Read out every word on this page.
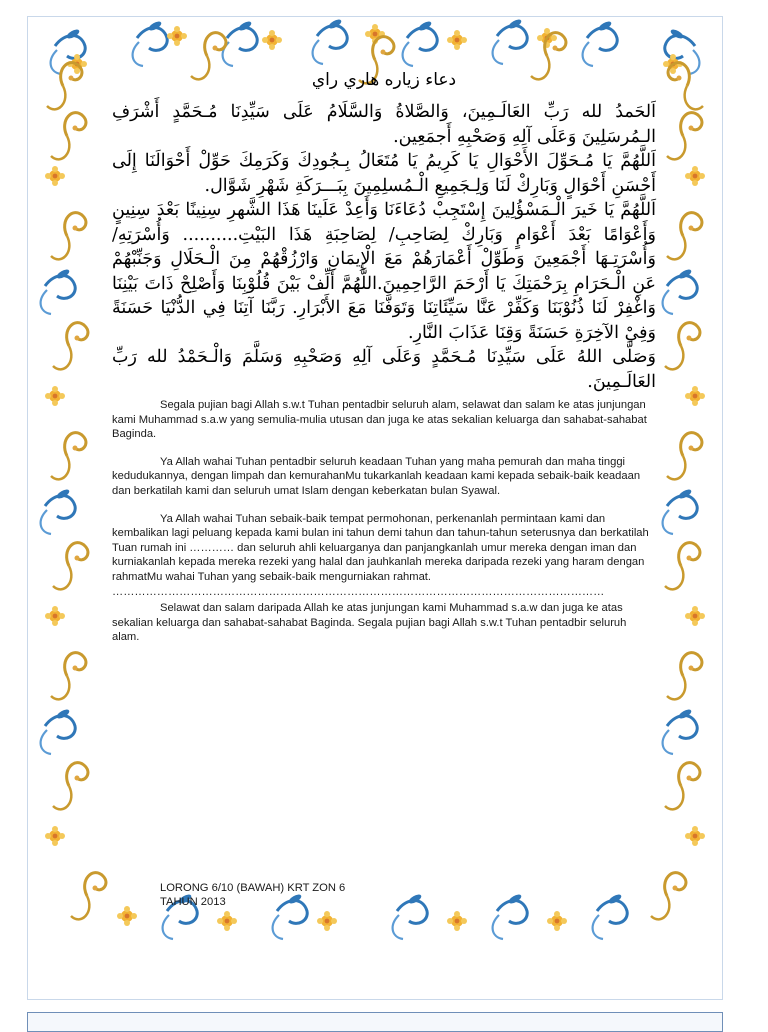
دعاء زياره هاري راي
اَلحَمدُ لله رَبِّ العَالَـمِينَ، وَالصَّلاةُ وَالسَّلَامُ عَلَى سَيِّدِنَا مُـحَمَّدٍ أَشْرَفِ الـمُرسَلِينَ وَعَلَى آلِهِ وَصَحْبِهِ أَجمَعِين.
اَللَّهُمَّ يَا مُـحَوِّلَ الأَحْوَالِ يَا كَرِيمُ يَا مُتَعَالُ بِـجُودِكَ وَكَرَمِكَ حَوِّلْ أَحْوَالَنَا إِلَى أَحْسَنِ أَحْوَالٍ وَبَارِكْ لَنَا وَلِـجَمِيعِ الْـمُسلِمِينَ بِبَـــرَكَةِ شَهْرِ شَوَّال.
اَللَّهُمَّ يَا خَيرَ الْـمَسْؤُلِينَ إِسْتَجِبْ دُعَاءَنَا وَأَعِدْ عَلَينَا هَذَا الشَّهرِ سِنِينًا بَعْدَ سِنِينٍ وَأَعْوَامًا بَعْدَ أَعْوَامٍ وَبَارِكْ لِصَاحِبِ/ لِصَاحِبَةِ هَذَا البَيْتِ.......... وَأُسْرَتِهِ/وَأُسْرَتِـهَا أَجْمَعِينَ وَطَوِّلْ أَعْمَارَهُمْ مَعَ الْإِيمَانِ وَارْزُقْهُمْ مِنَ الْـحَلَالِ وَجَنِّبْهُمْ عَنِ الْـحَرَامِ بِرَحْمَتِكَ يَا أَرْحَمَ الرَّاحِمِينَ.اللَّهُمَّ أَلِّفْ بَيْنَ قُلُوْبِنَا وَأَصْلِحْ ذَاتَ بَيْنِنَا وَاغْفِرْ لَنَا ذُنُوْبَنَا وَكَفِّرْ عَنَّا سَيِّئَاتِنَا وَتَوَفَّنَا مَعَ الأَبْرَارِ. رَبَّنَا آتِنَا فِي الدُّنْيَا حَسَنَةً وَفِيْ الآخِرَةِ حَسَنَةً وَقِنَا عَذَابَ النَّارِ.
وَصَلَّى اللهُ عَلَى سَيِّدِنَا مُـحَمَّدٍ وَعَلَى آلِهِ وَصَحْبِهِ وَسَلَّمَ وَالْـحَمْدُ لله رَبِّ العَالَـمِينَ.

Segala pujian bagi Allah s.w.t Tuhan pentadbir seluruh alam, selawat dan salam ke atas junjungan kami Muhammad s.a.w yang semulia-mulia utusan dan juga ke atas sekalian keluarga dan sahabat-sahabat Baginda.

Ya Allah wahai Tuhan pentadbir seluruh keadaan Tuhan yang maha pemurah dan maha tinggi kedudukannya, dengan limpah dan kemurahanMu tukarkanlah keadaan kami kepada sebaik-baik keadaan dan berkatilah kami dan seluruh umat Islam dengan keberkatan bulan Syawal.

Ya Allah wahai Tuhan sebaik-baik tempat permohonan, perkenanlah permintaan kami dan kembalikan lagi peluang kepada kami bulan ini tahun demi tahun dan tahun-tahun seterusnya dan berkatilah Tuan rumah ini ………… dan seluruh ahli keluarganya dan panjangkanlah umur mereka dengan iman dan kurniakanlah kepada mereka rezeki yang halal dan jauhkanlah mereka daripada rezeki yang haram dengan rahmatMu wahai Tuhan yang sebaik-baik mengurniakan rahmat.

……………………………………………………………………………………………………………………

Selawat dan salam daripada Allah ke atas junjungan kami Muhammad s.a.w dan juga ke atas sekalian keluarga dan sahabat-sahabat Baginda. Segala pujian bagi Allah s.w.t Tuhan pentadbir seluruh alam.

LORONG 6/10 (BAWAH) KRT ZON 6
TAHUN 2013
